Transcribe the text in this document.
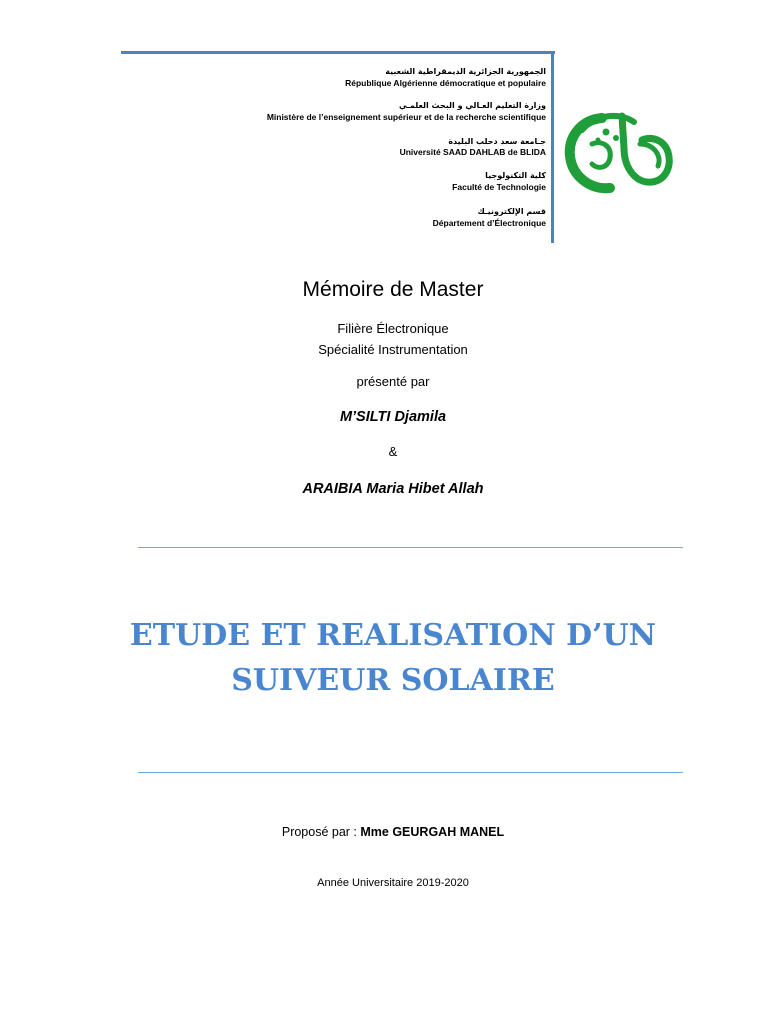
الجمهورية الجزائرية الديمقراطية الشعبية
République Algérienne démocratique et populaire
وزارة التعليم العـالي و البحث العلمـي
Ministère de l’enseignement supérieur et de la recherche scientifique
جـامعة سعد دحلب البليدة
Université SAAD DAHLAB de BLIDA
كلية التكنولوجيا
Faculté de Technologie
قسم الإلكترونيـك
Département d’Électronique
Mémoire de Master
Filière Électronique
Spécialité Instrumentation
présenté par
M’SILTI Djamila
&
ARAIBIA Maria Hibet Allah
ETUDE ET REALISATION D’UN
SUIVEUR SOLAIRE
Proposé par : Mme GEURGAH MANEL
Année Universitaire 2019-2020
